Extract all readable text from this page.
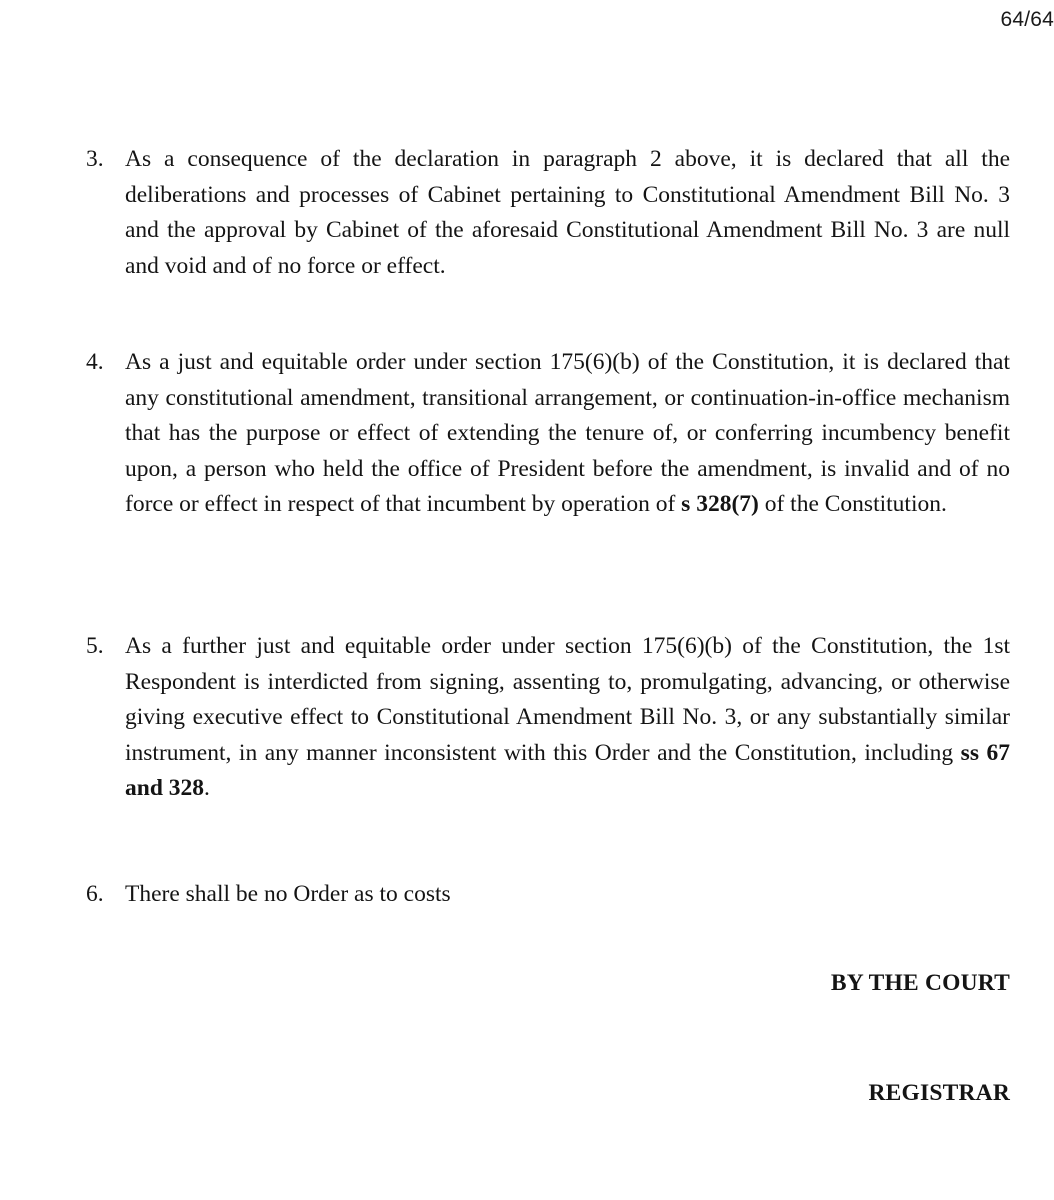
64/64
3. As a consequence of the declaration in paragraph 2 above, it is declared that all the deliberations and processes of Cabinet pertaining to Constitutional Amendment Bill No. 3 and the approval by Cabinet of the aforesaid Constitutional Amendment Bill No. 3 are null and void and of no force or effect.
4. As a just and equitable order under section 175(6)(b) of the Constitution, it is declared that any constitutional amendment, transitional arrangement, or continuation-in-office mechanism that has the purpose or effect of extending the tenure of, or conferring incumbency benefit upon, a person who held the office of President before the amendment, is invalid and of no force or effect in respect of that incumbent by operation of s 328(7) of the Constitution.
5. As a further just and equitable order under section 175(6)(b) of the Constitution, the 1st Respondent is interdicted from signing, assenting to, promulgating, advancing, or otherwise giving executive effect to Constitutional Amendment Bill No. 3, or any substantially similar instrument, in any manner inconsistent with this Order and the Constitution, including ss 67 and 328.
6. There shall be no Order as to costs
BY THE COURT
REGISTRAR
